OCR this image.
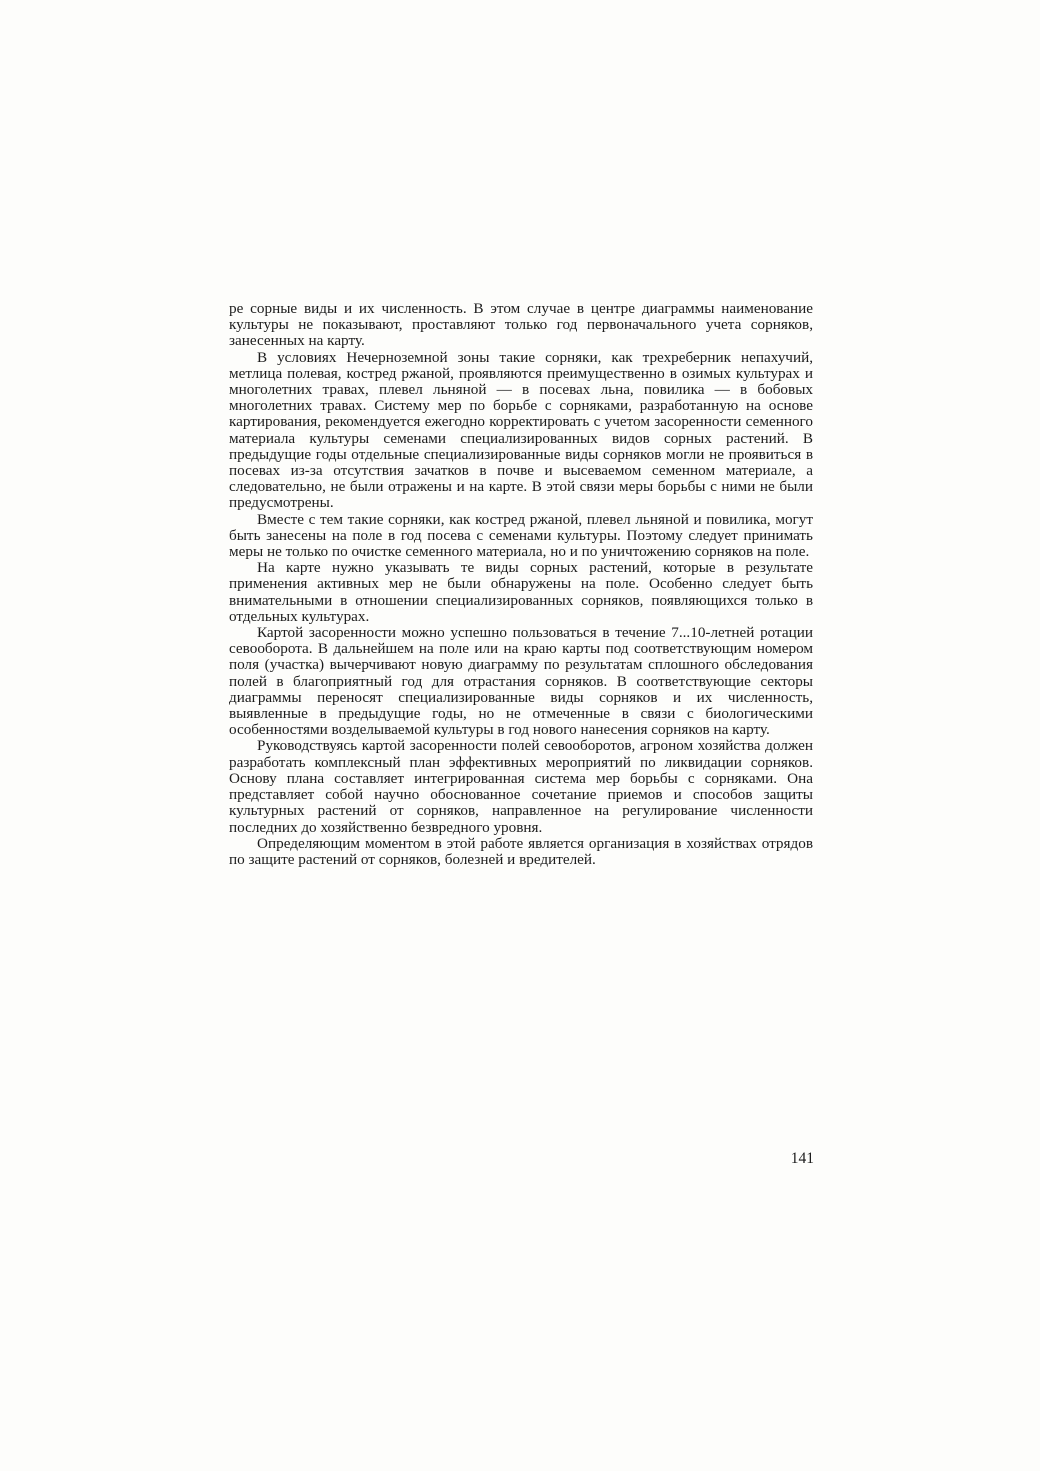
ре сорные виды и их численность. В этом случае в центре диаграммы наименование культуры не показывают, проставляют только год первоначального учета сорняков, занесенных на карту.

В условиях Нечерноземной зоны такие сорняки, как трехреберник непахучий, метлица полевая, костред ржаной, проявляются преимущественно в озимых культурах и многолетних травах, плевел льняной — в посевах льна, повилика — в бобовых многолетних травах. Систему мер по борьбе с сорняками, разработанную на основе картирования, рекомендуется ежегодно корректировать с учетом засоренности семенного материала культуры семенами специализированных видов сорных растений. В предыдущие годы отдельные специализированные виды сорняков могли не проявиться в посевах из-за отсутствия зачатков в почве и высеваемом семенном материале, а следовательно, не были отражены и на карте. В этой связи меры борьбы с ними не были предусмотрены.

Вместе с тем такие сорняки, как костред ржаной, плевел льняной и повилика, могут быть занесены на поле в год посева с семенами культуры. Поэтому следует принимать меры не только по очистке семенного материала, но и по уничтожению сорняков на поле.

На карте нужно указывать те виды сорных растений, которые в результате применения активных мер не были обнаружены на поле. Особенно следует быть внимательными в отношении специализированных сорняков, появляющихся только в отдельных культурах.

Картой засоренности можно успешно пользоваться в течение 7...10-летней ротации севооборота. В дальнейшем на поле или на краю карты под соответствующим номером поля (участка) вычерчивают новую диаграмму по результатам сплошного обследования полей в благоприятный год для отрастания сорняков. В соответствующие секторы диаграммы переносят специализированные виды сорняков и их численность, выявленные в предыдущие годы, но не отмеченные в связи с биологическими особенностями возделываемой культуры в год нового нанесения сорняков на карту.

Руководствуясь картой засоренности полей севооборотов, агроном хозяйства должен разработать комплексный план эффективных мероприятий по ликвидации сорняков. Основу плана составляет интегрированная система мер борьбы с сорняками. Она представляет собой научно обоснованное сочетание приемов и способов защиты культурных растений от сорняков, направленное на регулирование численности последних до хозяйственно безвредного уровня.

Определяющим моментом в этой работе является организация в хозяйствах отрядов по защите растений от сорняков, болезней и вредителей.

141
